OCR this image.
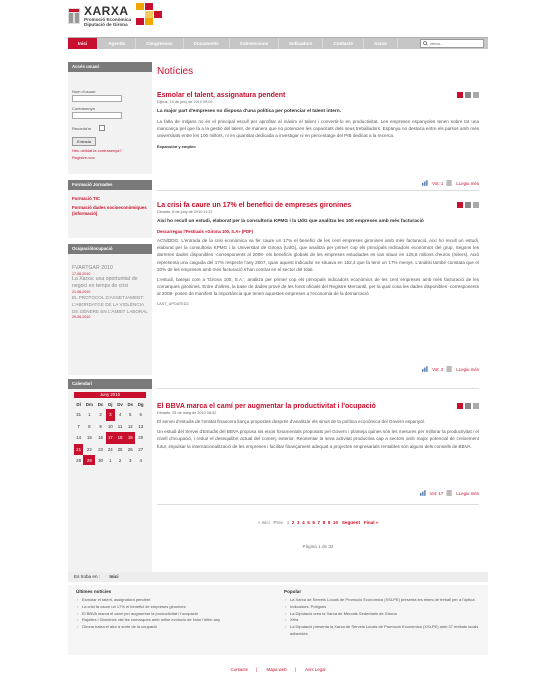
XARXA
Promoció Econòmica
Diputació de Girona
Inici	Agenda	Congressos	Documents	Subvencions	Indicadors	Contacte	Xarxa	cerca...
Accés usuari
Nom d'usuari
Contrasenya
Recorda'm
Entrada
Heu oblidat la contrasenya?
Registre-vos
Formació Jornades
Formació TIC
Formació dades socioeconòmiques (informació)
Ocupació/ocupació
FVARTGAR 2010
17-06-2010
La Xarxa: una oportunitat de negoci en temps de crisi
21-06-2010
EL PROTOCOL D'ASSETJAMENT: L'ABORDATGE DE LA VIOLÈNCIA DE GÈNERE EN L'ÀMBIT LABORAL
29-06-2010
Calendari
Juny 2010
Dl	Dm	Dc	Dj	Dv	Ds	Dg
31	1	2	3	4	5	6
7	8	9	10	11	12	13
14	15	16	17	18	19	20
21	22	23	24	25	26	27
28	29	30	1	2	3	4
Notícies
Esmolar el talent, assignatura pendent
Dijous, 10 de juny de 2010 09:09
La major part d'empreses no disposa d'una política per potenciar el talent intern.
La falta de mitjans no és el principal escull per aprofitar al màxim el talent i convertir-lo en productivitat. Les empreses espanyoles tenen sobre tot una mancança pel que fa a la gestió del talent, de manera que no potencien les capacitats dels seus treballadors. Espanya no destaca entre els països amb més universitats entre les 100 millors, ni en quantitat dedicada a investigar ni en percentatge del PIB dedicat a la recerca.
Expansión y empleo
Vot: 1	LLegiu més
La crisi fa caure un 17% el benefici de empreses gironines
Dimarts, 8 de juny de 2010 11:37
Així ho recull un estudi, elaborat per la consultoria KPMG i la UdG que analitza les 100 empreses amb més facturació
Descarregau l'Festiuals «Girona 100, S.A» (PDF)
ACN/DDG. L'entrada de la crisi econòmica va fer caure un 17% el benefici de les cent empreses gironines amb més facturació. Així ho recull un estudi, elaborat per la consultoria KPMG i la Universitat de Girona (UdG), que analitza per primer cop els principals indicadors econòmics del grup. Segons les darreres dades disponibles -corresponents al 2008- els beneficis globals de les empreses estudiades es van situar en 125,8 milions d'euros (milers). Això representa una caiguda del 17% respecte l'any 2007, quan aquest indicador se situava en 152,4 que fa tenir un 17% menys. L'anàlisi també constata que el 20% de les empreses amb més facturació s'han centrat en el sector del total.
L'estudi, batejat com a 'Girona 100, S.A.', analitza per primer cop els principals indicadors econòmics de les cent empreses amb més facturació de les comarques gironines. Entre d'altres, la base de dades prové de les fonts oficials del Registre Mercantil, per la qual cosa les dades disponibles -corresponents al 2008- posen de manifest la importància que tenen aquestes empreses a l'economia de la demarcació.
LAST_UPDATED2
Vot: 2	LLegiu més
El BBVA marca el camí per augmentar la productivitat i l'ocupació
Dimarts, 25 de maig de 2010 08:02
El servei d'estudis de l'entitat financera llança propostes després d'analitzar els sinus de la política econòmica del Govern espanyol.
Un estudi del Servei d'Estudis del BBVA proposa sis eixos fonamentals proposats pel Govern i planteja quines són les mesures per millorar la productivitat i el nivell d'ocupació, i reduir el desequilibri actual del comerç exterior. Reorientar la seva activitat productiva cap a sectors amb major potencial de creixement futur, impulsar la internacionalització de les empreses i facilitar finançament adequat a projectes empresarials rentables són alguns dels consells de BBVA.
Vot: 17	LLegiu més
« Inici Prev 1 2 3 4 5 6 7 8 9 10 Següent Final »
Pàgina 1 de 32
Es troba en : Inici
Últimes notícies
› Esmolar el talent, assignatura pendent
› La crisi fa caure un 17% el benefici de empreses gironines
› El BBVA marca el camí per augmentar la productivitat i l'ocupació
› Rajoltes i Gironines xisl les comarques amb millor evolució de l'atur l'últim any
› Girona baixa el atur a sorte de la ocupació
Popular
› La Xarxa de Serveis Locals de Promoció Econòmica (XSLPE) presenta les eines de treball per a l'òptica
› Indicadors. Polígons
› La Diputació crea la Xarxa de Mercats Sedentaris de Girona
› Xifra
› La Diputació presenta la Xarxa de Serveis Locals de Promoció Econòmica (XSLPE) amb 37 entitats locals adherides
Contacte | Mapa web | Avís Legal
